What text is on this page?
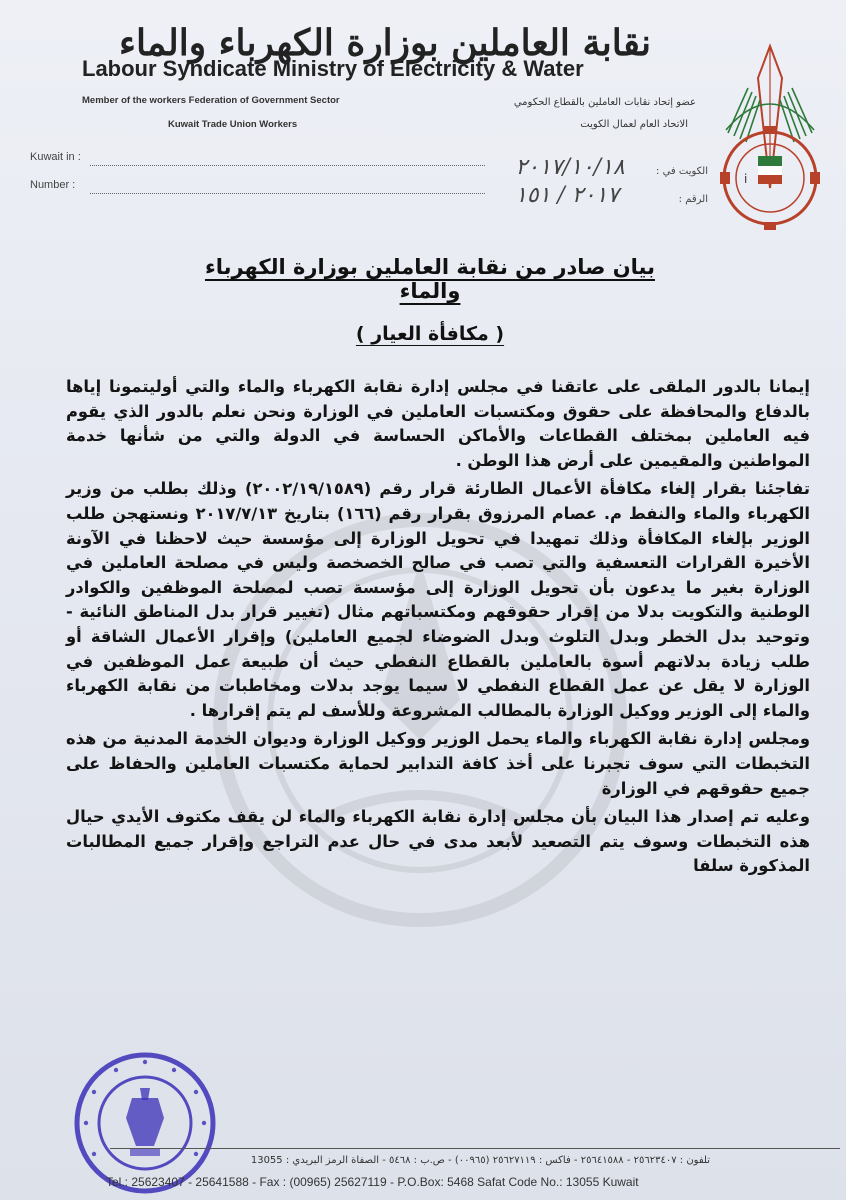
نقابة العاملين بوزارة الكهرباء والماء
Labour Syndicate Ministry of Electricity & Water
Member of the workers Federation of Government Sector
Kuwait Trade Union Workers
عضو إتحاد نقابات العاملين بالقطاع الحكومي
الاتحاد العام لعمال الكويت
i
Kuwait in :
Number :
٢٠١٧/١٠/١٨
٢٠١٧ / ١٥١
الكويت في :
الرقم :
بيان صادر من نقابة العاملين بوزارة الكهرباء والماء
( مكافأة العيار )

إيمانا بالدور الملقى على عاتقنا في مجلس إدارة نقابة الكهرباء والماء والتي أوليتمونا إياها بالدفاع والمحافظة على حقوق ومكتسبات العاملين في الوزارة ونحن نعلم بالدور الذي يقوم فيه العاملين بمختلف القطاعات والأماكن الحساسة في الدولة والتي من شأنها خدمة المواطنين والمقيمين على أرض هذا الوطن .

تفاجئنا بقرار إلغاء مكافأة الأعمال الطارئة قرار رقم (٢٠٠٢/١٩/١٥٨٩) وذلك بطلب من وزير الكهرباء والماء والنفط م. عصام المرزوق بقرار رقم (١٦٦) بتاريخ ٢٠١٧/٧/١٣ ونستهجن طلب الوزير بإلغاء المكافأة وذلك تمهيدا في تحويل الوزارة إلى مؤسسة حيث لاحظنا في الآونة الأخيرة القرارات التعسفية والتي تصب في صالح الخصخصة وليس في مصلحة العاملين في الوزارة بغير ما يدعون بأن تحويل الوزارة إلى مؤسسة تصب لمصلحة الموظفين والكوادر الوطنية والتكويت بدلا من إقرار حقوقهم ومكتسباتهم مثال (تغيير قرار بدل المناطق النائية - وتوحيد بدل الخطر وبدل التلوث وبدل الضوضاء لجميع العاملين) وإقرار الأعمال الشاقة أو طلب زيادة بدلاتهم أسوة بالعاملين بالقطاع النفطي حيث أن طبيعة عمل الموظفين في الوزارة لا يقل عن عمل القطاع النفطي لا سيما يوجد بدلات ومخاطبات من نقابة الكهرباء والماء إلى الوزير ووكيل الوزارة بالمطالب المشروعة وللأسف لم يتم إقرارها .

ومجلس إدارة نقابة الكهرباء والماء يحمل الوزير ووكيل الوزارة وديوان الخدمة المدنية من هذه التخبطات التي سوف تجبرنا على أخذ كافة التدابير لحماية مكتسبات العاملين والحفاظ على جميع حقوقهم في الوزارة

وعليه تم إصدار هذا البيان بأن مجلس إدارة نقابة الكهرباء والماء لن يقف مكتوف الأيدي حيال هذه التخبطات وسوف يتم التصعيد لأبعد مدى في حال عدم التراجع وإقرار جميع المطالبات المذكورة سلفا

تلفون : ٢٥٦٢٣٤٠٧ - ٢٥٦٤١٥٨٨ - فاكس : ٢٥٦٢٧١١٩ (٠٠٩٦٥) - ص.ب : ٥٤٦٨ - الصفاة الرمز البريدي : 13055
Tel.: 25623407 - 25641588 - Fax : (00965) 25627119 - P.O.Box: 5468 Safat Code No.: 13055 Kuwait
